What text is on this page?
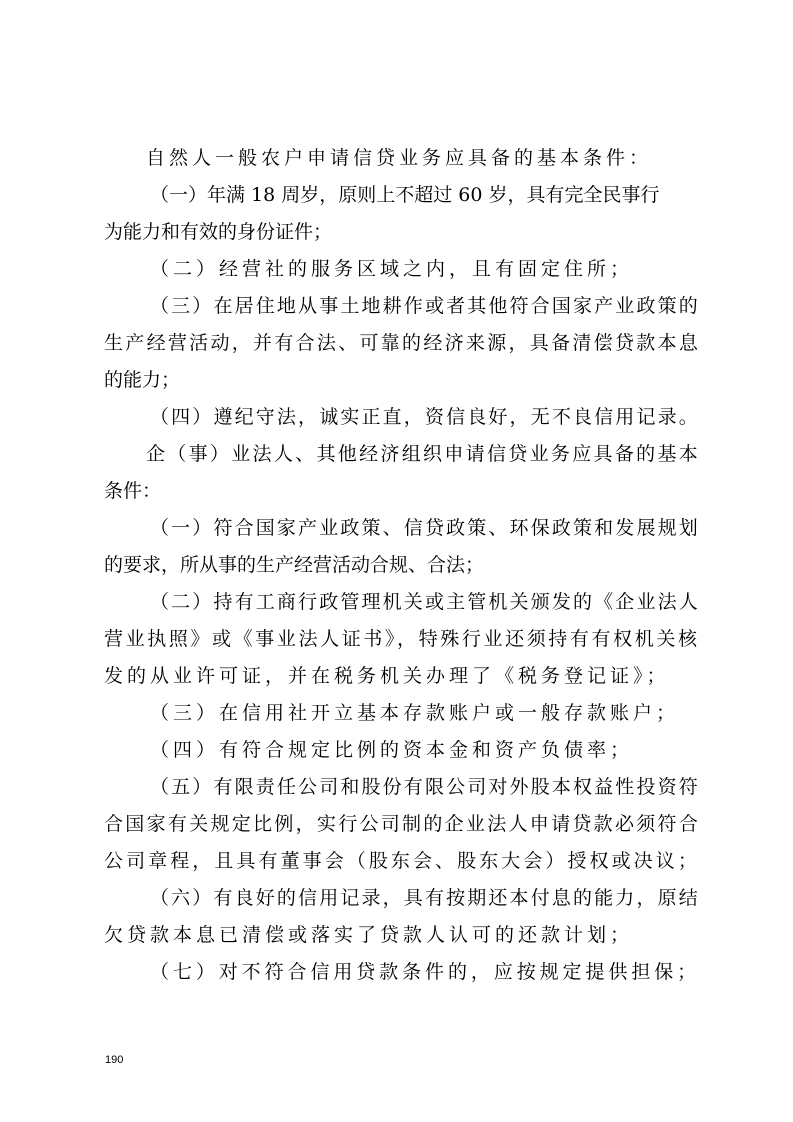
自然人一般农户申请信贷业务应具备的基本条件：
（一）年满 18 周岁，原则上不超过 60 岁，具有完全民事行
为能力和有效的身份证件；
（二）经营社的服务区域之内，且有固定住所；
（三）在居住地从事土地耕作或者其他符合国家产业政策的
生产经营活动，并有合法、可靠的经济来源，具备清偿贷款本息
的能力；
（四）遵纪守法，诚实正直，资信良好，无不良信用记录。
企（事）业法人、其他经济组织申请信贷业务应具备的基本
条件：
（一）符合国家产业政策、信贷政策、环保政策和发展规划
的要求，所从事的生产经营活动合规、合法；
（二）持有工商行政管理机关或主管机关颁发的《企业法人
营业执照》或《事业法人证书》，特殊行业还须持有有权机关核
发的从业许可证，并在税务机关办理了《税务登记证》；
（三）在信用社开立基本存款账户或一般存款账户；
（四）有符合规定比例的资本金和资产负债率；
（五）有限责任公司和股份有限公司对外股本权益性投资符
合国家有关规定比例，实行公司制的企业法人申请贷款必须符合
公司章程，且具有董事会（股东会、股东大会）授权或决议；
（六）有良好的信用记录，具有按期还本付息的能力，原结
欠贷款本息已清偿或落实了贷款人认可的还款计划；
（七）对不符合信用贷款条件的，应按规定提供担保；
190
